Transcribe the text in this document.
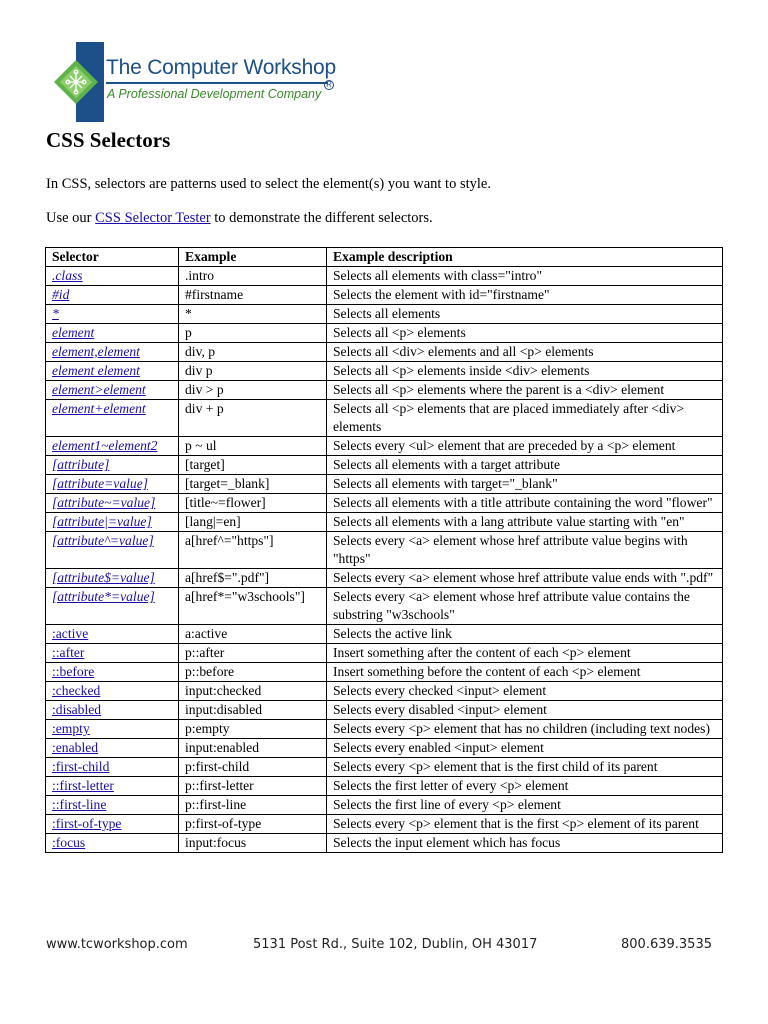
The Computer Workshop
R
A Professional Development Company
CSS Selectors

In CSS, selectors are patterns used to select the element(s) you want to style.

Use our CSS Selector Tester to demonstrate the different selectors.

Selector	Example	Example description
.class	.intro	Selects all elements with class="intro"
#id	#firstname	Selects the element with id="firstname"
*	*	Selects all elements
element	p	Selects all <p> elements
element,element	div, p	Selects all <div> elements and all <p> elements
element element	div p	Selects all <p> elements inside <div> elements
element>element	div > p	Selects all <p> elements where the parent is a <div> element
element+element	div + p	Selects all <p> elements that are placed immediately after <div> elements
element1~element2	p ~ ul	Selects every <ul> element that are preceded by a <p> element
[attribute]	[target]	Selects all elements with a target attribute
[attribute=value]	[target=_blank]	Selects all elements with target="_blank"
[attribute~=value]	[title~=flower]	Selects all elements with a title attribute containing the word "flower"
[attribute|=value]	[lang|=en]	Selects all elements with a lang attribute value starting with "en"
[attribute^=value]	a[href^="https"]	Selects every <a> element whose href attribute value begins with "https"
[attribute$=value]	a[href$=".pdf"]	Selects every <a> element whose href attribute value ends with ".pdf"
[attribute*=value]	a[href*="w3schools"]	Selects every <a> element whose href attribute value contains the substring "w3schools"
:active	a:active	Selects the active link
::after	p::after	Insert something after the content of each <p> element
::before	p::before	Insert something before the content of each <p> element
:checked	input:checked	Selects every checked <input> element
:disabled	input:disabled	Selects every disabled <input> element
:empty	p:empty	Selects every <p> element that has no children (including text nodes)
:enabled	input:enabled	Selects every enabled <input> element
:first-child	p:first-child	Selects every <p> element that is the first child of its parent
::first-letter	p::first-letter	Selects the first letter of every <p> element
::first-line	p::first-line	Selects the first line of every <p> element
:first-of-type	p:first-of-type	Selects every <p> element that is the first <p> element of its parent
:focus	input:focus	Selects the input element which has focus
www.tcworkshop.com	5131 Post Rd., Suite 102, Dublin, OH 43017	800.639.3535
